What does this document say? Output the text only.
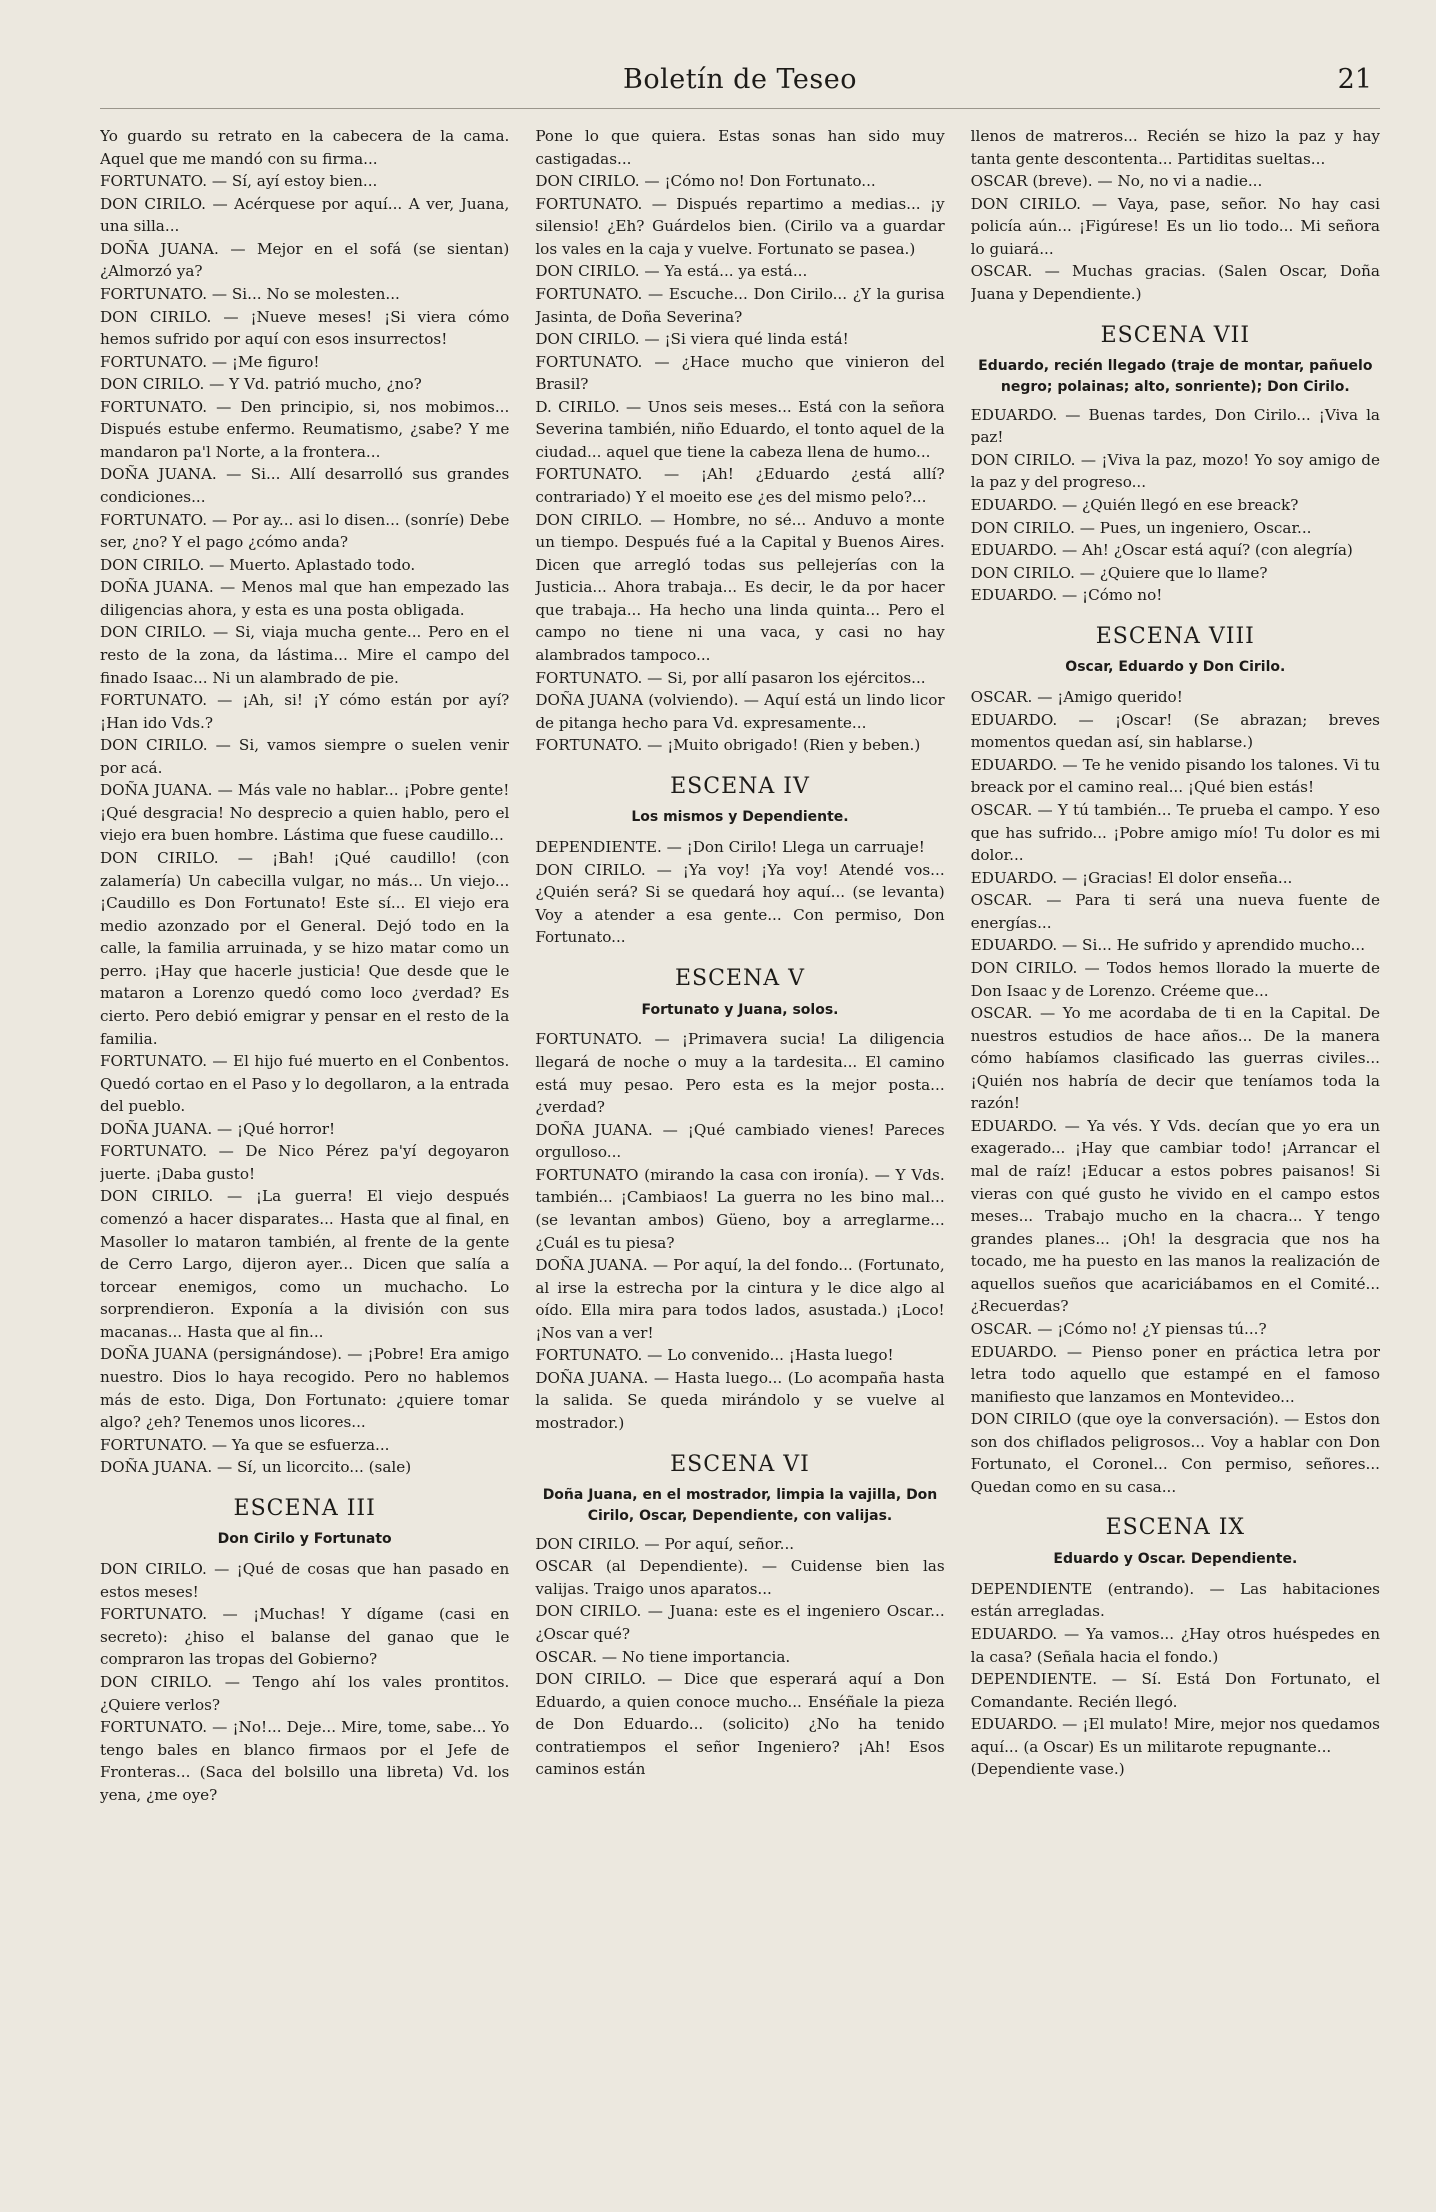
Boletín de Teseo	21

Yo guardo su retrato en la cabecera de la cama. Aquel que me mandó con su firma...

FORTUNATO. — Sí, ayí estoy bien...

DON CIRILO. — Acérquese por aquí... A ver, Juana, una silla...

DOÑA JUANA. — Mejor en el sofá (se sientan) ¿Almorzó ya?

FORTUNATO. — Si... No se molesten...

DON CIRILO. — ¡Nueve meses! ¡Si viera cómo hemos sufrido por aquí con esos insurrectos!

FORTUNATO. — ¡Me figuro!

DON CIRILO. — Y Vd. patrió mucho, ¿no?

FORTUNATO. — Den principio, si, nos mobimos... Dispués estube enfermo. Reumatismo, ¿sabe? Y me mandaron pa'l Norte, a la frontera...

DOÑA JUANA. — Si... Allí desarrolló sus grandes condiciones...

FORTUNATO. — Por ay... asi lo disen... (sonríe) Debe ser, ¿no? Y el pago ¿cómo anda?

DON CIRILO. — Muerto. Aplastado todo.

DOÑA JUANA. — Menos mal que han empezado las diligencias ahora, y esta es una posta obligada.

DON CIRILO. — Si, viaja mucha gente... Pero en el resto de la zona, da lástima... Mire el campo del finado Isaac... Ni un alambrado de pie.

FORTUNATO. — ¡Ah, si! ¡Y cómo están por ayí? ¡Han ido Vds.?

DON CIRILO. — Si, vamos siempre o suelen venir por acá.

DOÑA JUANA. — Más vale no hablar... ¡Pobre gente! ¡Qué desgracia! No desprecio a quien hablo, pero el viejo era buen hombre. Lástima que fuese caudillo...

DON CIRILO. — ¡Bah! ¡Qué caudillo! (con zalamería) Un cabecilla vulgar, no más... Un viejo... ¡Caudillo es Don Fortunato! Este sí... El viejo era medio azonzado por el General. Dejó todo en la calle, la familia arruinada, y se hizo matar como un perro. ¡Hay que hacerle justicia! Que desde que le mataron a Lorenzo quedó como loco ¿verdad? Es cierto. Pero debió emigrar y pensar en el resto de la familia.

FORTUNATO. — El hijo fué muerto en el Conbentos. Quedó cortao en el Paso y lo degollaron, a la entrada del pueblo.

DOÑA JUANA. — ¡Qué horror!

FORTUNATO. — De Nico Pérez pa'yí degoyaron juerte. ¡Daba gusto!

DON CIRILO. — ¡La guerra! El viejo después comenzó a hacer disparates... Hasta que al final, en Masoller lo mataron también, al frente de la gente de Cerro Largo, dijeron ayer... Dicen que salía a torcear enemigos, como un muchacho. Lo sorprendieron. Exponía a la división con sus macanas... Hasta que al fin...

DOÑA JUANA (persignándose). — ¡Pobre! Era amigo nuestro. Dios lo haya recogido. Pero no hablemos más de esto. Diga, Don Fortunato: ¿quiere tomar algo? ¿eh? Tenemos unos licores...

FORTUNATO. — Ya que se esfuerza...

DOÑA JUANA. — Sí, un licorcito... (sale)

ESCENA III
Don Cirilo y Fortunato

DON CIRILO. — ¡Qué de cosas que han pasado en estos meses!

FORTUNATO. — ¡Muchas! Y dígame (casi en secreto): ¿hiso el balanse del ganao que le compraron las tropas del Gobierno?

DON CIRILO. — Tengo ahí los vales prontitos. ¿Quiere verlos?

FORTUNATO. — ¡No!... Deje... Mire, tome, sabe... Yo tengo bales en blanco firmaos por el Jefe de Fronteras... (Saca del bolsillo una libreta) Vd. los yena, ¿me oye?

Pone lo que quiera. Estas sonas han sido muy castigadas...

DON CIRILO. — ¡Cómo no! Don Fortunato...

FORTUNATO. — Dispués repartimo a medias... ¡y silensio! ¿Eh? Guárdelos bien. (Cirilo va a guardar los vales en la caja y vuelve. Fortunato se pasea.)

DON CIRILO. — Ya está... ya está...

FORTUNATO. — Escuche... Don Cirilo... ¿Y la gurisa Jasinta, de Doña Severina?

DON CIRILO. — ¡Si viera qué linda está!

FORTUNATO. — ¿Hace mucho que vinieron del Brasil?

D. CIRILO. — Unos seis meses... Está con la señora Severina también, niño Eduardo, el tonto aquel de la ciudad... aquel que tiene la cabeza llena de humo...

FORTUNATO. — ¡Ah! ¿Eduardo ¿está allí? contrariado) Y el moeito ese ¿es del mismo pelo?...

DON CIRILO. — Hombre, no sé... Anduvo a monte un tiempo. Después fué a la Capital y Buenos Aires. Dicen que arregló todas sus pellejerías con la Justicia... Ahora trabaja... Es decir, le da por hacer que trabaja... Ha hecho una linda quinta... Pero el campo no tiene ni una vaca, y casi no hay alambrados tampoco...

FORTUNATO. — Si, por allí pasaron los ejércitos...

DOÑA JUANA (volviendo). — Aquí está un lindo licor de pitanga hecho para Vd. expresamente...

FORTUNATO. — ¡Muito obrigado! (Rien y beben.)

ESCENA IV
Los mismos y Dependiente.

DEPENDIENTE. — ¡Don Cirilo! Llega un carruaje!

DON CIRILO. — ¡Ya voy! ¡Ya voy! Atendé vos... ¿Quién será? Si se quedará hoy aquí... (se levanta) Voy a atender a esa gente... Con permiso, Don Fortunato...

ESCENA V
Fortunato y Juana, solos.

FORTUNATO. — ¡Primavera sucia! La diligencia llegará de noche o muy a la tardesita... El camino está muy pesao. Pero esta es la mejor posta... ¿verdad?

DOÑA JUANA. — ¡Qué cambiado vienes! Pareces orgulloso...

FORTUNATO (mirando la casa con ironía). — Y Vds. también... ¡Cambiaos! La guerra no les bino mal... (se levantan ambos) Güeno, boy a arreglarme... ¿Cuál es tu piesa?

DOÑA JUANA. — Por aquí, la del fondo... (Fortunato, al irse la estrecha por la cintura y le dice algo al oído. Ella mira para todos lados, asustada.) ¡Loco! ¡Nos van a ver!

FORTUNATO. — Lo convenido... ¡Hasta luego!

DOÑA JUANA. — Hasta luego... (Lo acompaña hasta la salida. Se queda mirándolo y se vuelve al mostrador.)

ESCENA VI
Doña Juana, en el mostrador, limpia la vajilla, Don Cirilo, Oscar, Dependiente, con valijas.

DON CIRILO. — Por aquí, señor...

OSCAR (al Dependiente). — Cuidense bien las valijas. Traigo unos aparatos...

DON CIRILO. — Juana: este es el ingeniero Oscar... ¿Oscar qué?

OSCAR. — No tiene importancia.

DON CIRILO. — Dice que esperará aquí a Don Eduardo, a quien conoce mucho... Enséñale la pieza de Don Eduardo... (solicito) ¿No ha tenido contratiempos el señor Ingeniero? ¡Ah! Esos caminos están

llenos de matreros... Recién se hizo la paz y hay tanta gente descontenta... Partiditas sueltas...

OSCAR (breve). — No, no vi a nadie...

DON CIRILO. — Vaya, pase, señor. No hay casi policía aún... ¡Figúrese! Es un lio todo... Mi señora lo guiará...

OSCAR. — Muchas gracias. (Salen Oscar, Doña Juana y Dependiente.)

ESCENA VII
Eduardo, recién llegado (traje de montar, pañuelo negro; polainas; alto, sonriente); Don Cirilo.

EDUARDO. — Buenas tardes, Don Cirilo... ¡Viva la paz!

DON CIRILO. — ¡Viva la paz, mozo! Yo soy amigo de la paz y del progreso...

EDUARDO. — ¿Quién llegó en ese breack?

DON CIRILO. — Pues, un ingeniero, Oscar...

EDUARDO. — Ah! ¿Oscar está aquí? (con alegría)

DON CIRILO. — ¿Quiere que lo llame?

EDUARDO. — ¡Cómo no!

ESCENA VIII
Oscar, Eduardo y Don Cirilo.

OSCAR. — ¡Amigo querido!

EDUARDO. — ¡Oscar! (Se abrazan; breves momentos quedan así, sin hablarse.)

EDUARDO. — Te he venido pisando los talones. Vi tu breack por el camino real... ¡Qué bien estás!

OSCAR. — Y tú también... Te prueba el campo. Y eso que has sufrido... ¡Pobre amigo mío! Tu dolor es mi dolor...

EDUARDO. — ¡Gracias! El dolor enseña...

OSCAR. — Para ti será una nueva fuente de energías...

EDUARDO. — Si... He sufrido y aprendido mucho...

DON CIRILO. — Todos hemos llorado la muerte de Don Isaac y de Lorenzo. Créeme que...

OSCAR. — Yo me acordaba de ti en la Capital. De nuestros estudios de hace años... De la manera cómo habíamos clasificado las guerras civiles... ¡Quién nos habría de decir que teníamos toda la razón!

EDUARDO. — Ya vés. Y Vds. decían que yo era un exagerado... ¡Hay que cambiar todo! ¡Arrancar el mal de raíz! ¡Educar a estos pobres paisanos! Si vieras con qué gusto he vivido en el campo estos meses... Trabajo mucho en la chacra... Y tengo grandes planes... ¡Oh! la desgracia que nos ha tocado, me ha puesto en las manos la realización de aquellos sueños que acariciábamos en el Comité... ¿Recuerdas?

OSCAR. — ¡Cómo no! ¿Y piensas tú...?

EDUARDO. — Pienso poner en práctica letra por letra todo aquello que estampé en el famoso manifiesto que lanzamos en Montevideo...

DON CIRILO (que oye la conversación). — Estos don son dos chiflados peligrosos... Voy a hablar con Don Fortunato, el Coronel... Con permiso, señores... Quedan como en su casa...

ESCENA IX
Eduardo y Oscar. Dependiente.

DEPENDIENTE (entrando). — Las habitaciones están arregladas.

EDUARDO. — Ya vamos... ¿Hay otros huéspedes en la casa? (Señala hacia el fondo.)

DEPENDIENTE. — Sí. Está Don Fortunato, el Comandante. Recién llegó.

EDUARDO. — ¡El mulato! Mire, mejor nos quedamos aquí... (a Oscar) Es un militarote repugnante...

(Dependiente vase.)
